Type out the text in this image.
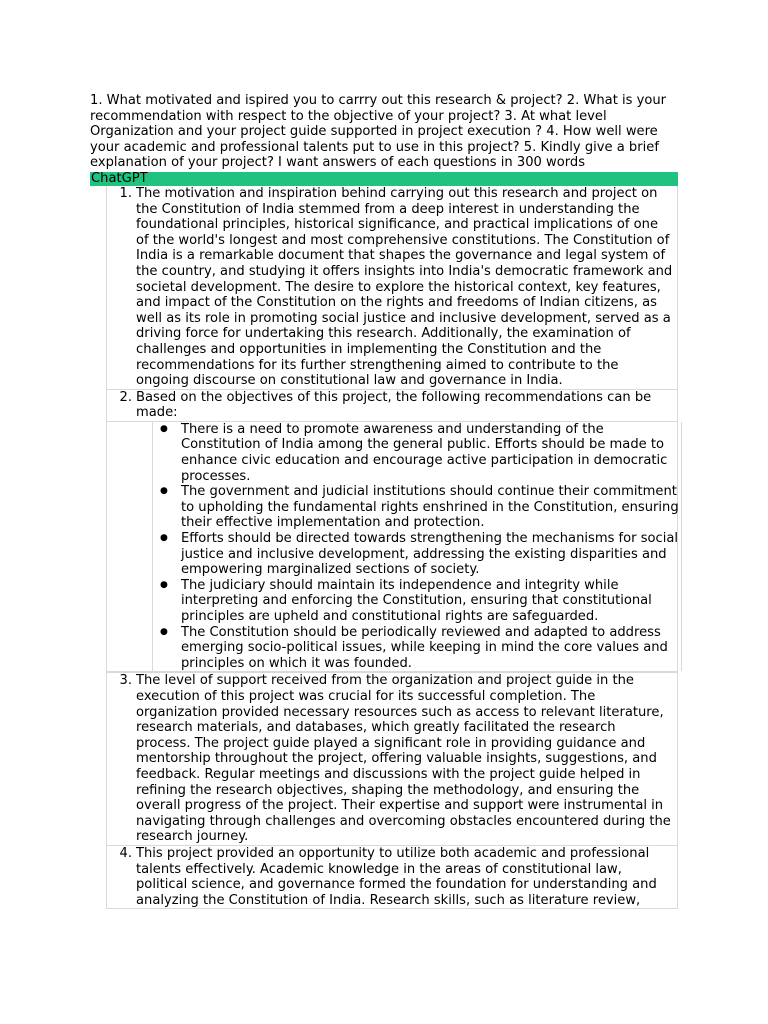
1. What motivated and ispired you to carrry out this research & project? 2. What is your recommendation with respect to the objective of your project? 3. At what level Organization and your project guide supported in project execution ? 4. How well were your academic and professional talents put to use in this project? 5. Kindly give a brief explanation of your project? I want answers of each questions in 300 words

ChatGPT
1. The motivation and inspiration behind carrying out this research and project on the Constitution of India stemmed from a deep interest in understanding the foundational principles, historical significance, and practical implications of one of the world's longest and most comprehensive constitutions. The Constitution of India is a remarkable document that shapes the governance and legal system of the country, and studying it offers insights into India's democratic framework and societal development. The desire to explore the historical context, key features, and impact of the Constitution on the rights and freedoms of Indian citizens, as well as its role in promoting social justice and inclusive development, served as a driving force for undertaking this research. Additionally, the examination of challenges and opportunities in implementing the Constitution and the recommendations for its further strengthening aimed to contribute to the ongoing discourse on constitutional law and governance in India.

2. Based on the objectives of this project, the following recommendations can be made:

● There is a need to promote awareness and understanding of the Constitution of India among the general public. Efforts should be made to enhance civic education and encourage active participation in democratic processes.
● The government and judicial institutions should continue their commitment to upholding the fundamental rights enshrined in the Constitution, ensuring their effective implementation and protection.
● Efforts should be directed towards strengthening the mechanisms for social justice and inclusive development, addressing the existing disparities and empowering marginalized sections of society.
● The judiciary should maintain its independence and integrity while interpreting and enforcing the Constitution, ensuring that constitutional principles are upheld and constitutional rights are safeguarded.
● The Constitution should be periodically reviewed and adapted to address emerging socio-political issues, while keeping in mind the core values and principles on which it was founded.
3. The level of support received from the organization and project guide in the execution of this project was crucial for its successful completion. The organization provided necessary resources such as access to relevant literature, research materials, and databases, which greatly facilitated the research process. The project guide played a significant role in providing guidance and mentorship throughout the project, offering valuable insights, suggestions, and feedback. Regular meetings and discussions with the project guide helped in refining the research objectives, shaping the methodology, and ensuring the overall progress of the project. Their expertise and support were instrumental in navigating through challenges and overcoming obstacles encountered during the research journey.

4. This project provided an opportunity to utilize both academic and professional talents effectively. Academic knowledge in the areas of constitutional law, political science, and governance formed the foundation for understanding and analyzing the Constitution of India. Research skills, such as literature review,
